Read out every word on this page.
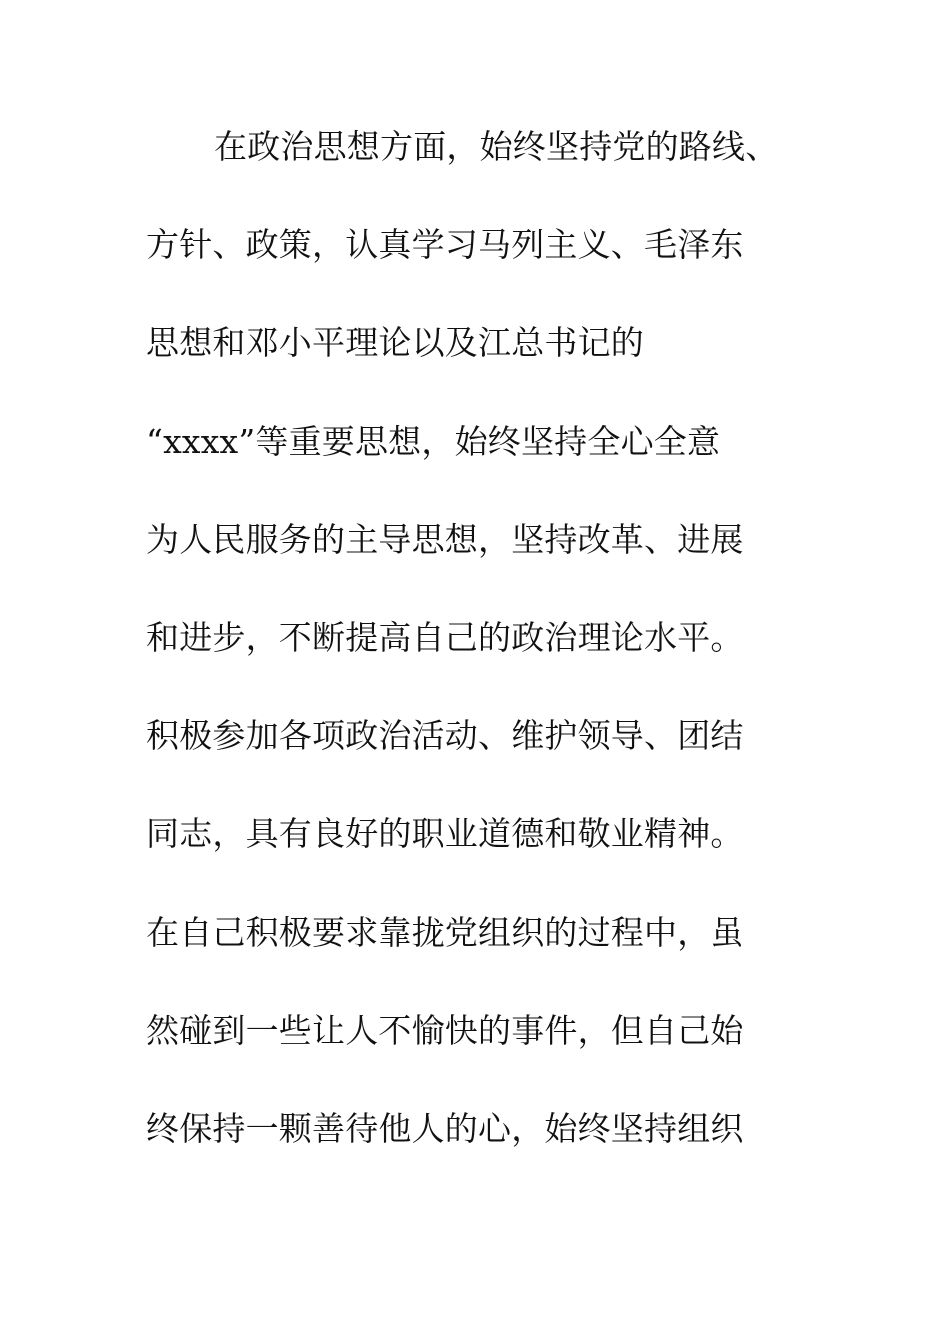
在政治思想方面，始终坚持党的路线、
方针、政策，认真学习马列主义、毛泽东
思想和邓小平理论以及江总书记的
“xxxx”等重要思想，始终坚持全心全意
为人民服务的主导思想，坚持改革、进展
和进步，不断提高自己的政治理论水平。
积极参加各项政治活动、维护领导、团结
同志，具有良好的职业道德和敬业精神。
在自己积极要求靠拢党组织的过程中，虽
然碰到一些让人不愉快的事件，但自己始
终保持一颗善待他人的心，始终坚持组织
